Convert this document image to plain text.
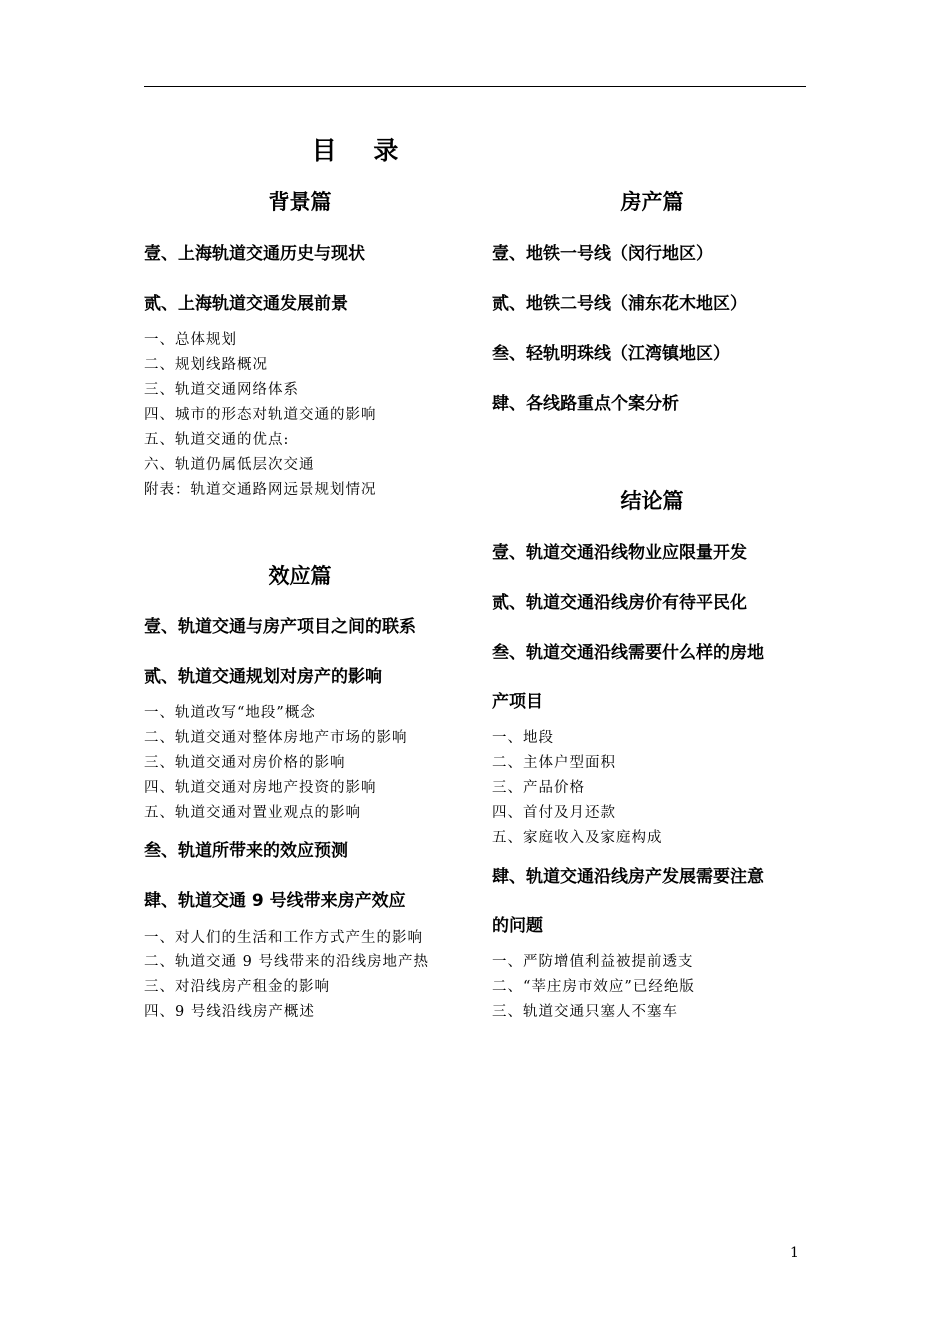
目 录
背景篇
壹、上海轨道交通历史与现状
贰、上海轨道交通发展前景
一、总体规划
二、规划线路概况
三、轨道交通网络体系
四、城市的形态对轨道交通的影响
五、轨道交通的优点:
六、轨道仍属低层次交通
附表：轨道交通路网远景规划情况
效应篇
壹、轨道交通与房产项目之间的联系
贰、轨道交通规划对房产的影响
一、轨道改写“地段”概念
二、轨道交通对整体房地产市场的影响
三、轨道交通对房价格的影响
四、轨道交通对房地产投资的影响
五、轨道交通对置业观点的影响
叁、轨道所带来的效应预测
肆、轨道交通 9 号线带来房产效应
一、对人们的生活和工作方式产生的影响
二、轨道交通 9 号线带来的沿线房地产热
三、对沿线房产租金的影响
四、9 号线沿线房产概述
房产篇
壹、地铁一号线（闵行地区）
贰、地铁二号线（浦东花木地区）
叁、轻轨明珠线（江湾镇地区）
肆、各线路重点个案分析
结论篇
壹、轨道交通沿线物业应限量开发
贰、轨道交通沿线房价有待平民化
叁、轨道交通沿线需要什么样的房地
产项目
一、地段
二、主体户型面积
三、产品价格
四、首付及月还款
五、家庭收入及家庭构成
肆、轨道交通沿线房产发展需要注意
的问题
一、严防增值利益被提前透支
二、“莘庄房市效应”已经绝版
三、轨道交通只塞人不塞车
1
